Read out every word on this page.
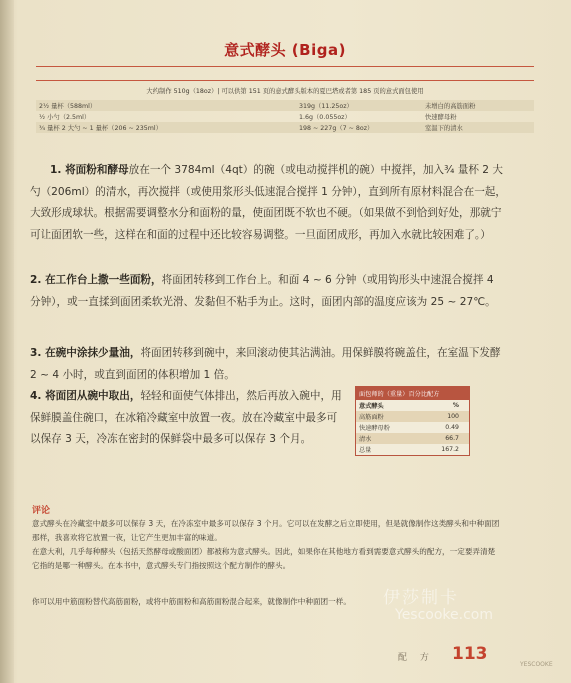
意式酵头 (Biga)
大约制作 510g（18oz）| 可以供第 151 页的意式酵头版本的夏巴塔或者第 185 页的意式面包使用
2½ 量杯（588ml）	319g（11.25oz）	未增白的高筋面粉
½ 小勺（2.5ml）	1.6g（0.055oz）	快速酵母粉
¾ 量杯 2 大勺 ~ 1 量杯（206 ~ 235ml）	198 ~ 227g（7 ~ 8oz）	室温下的清水
1. 将面粉和酵母放在一个 3784ml（4qt）的碗（或电动搅拌机的碗）中搅拌，加入¾ 量杯 2 大勺（206ml）的清水，再次搅拌（或使用浆形头低速混合搅拌 1 分钟），直到所有原材料混合在一起，大致形成球状。根据需要调整水分和面粉的量，使面团既不软也不硬。（如果做不到恰到好处，那就宁可让面团软一些，这样在和面的过程中还比较容易调整。一旦面团成形，再加入水就比较困难了。）
2. 在工作台上撒一些面粉，将面团转移到工作台上。和面 4 ~ 6 分钟（或用钩形头中速混合搅拌 4 分钟），或一直揉到面团柔软光滑、发黏但不粘手为止。这时，面团内部的温度应该为 25 ~ 27℃。
3. 在碗中涂抹少量油，将面团转移到碗中，来回滚动使其沾满油。用保鲜膜将碗盖住，在室温下发酵 2 ~ 4 小时，或直到面团的体积增加 1 倍。
4. 将面团从碗中取出，轻轻和面使气体排出，然后再放入碗中，用保鲜膜盖住碗口，在冰箱冷藏室中放置一夜。放在冷藏室中最多可以保存 3 天，冷冻在密封的保鲜袋中最多可以保存 3 个月。
面包师的（重量）百分比配方
意式酵头	%
高筋面粉	100
快速酵母粉	0.49
清水	66.7
总量	167.2
评论
意式酵头在冷藏室中最多可以保存 3 天，在冷冻室中最多可以保存 3 个月。它可以在发酵之后立即使用，但是就像制作这类酵头和中种面团那样，我喜欢将它放置一夜，让它产生更加丰富的味道。
在意大利，几乎每种酵头（包括天然酵母或酸面团）都被称为意式酵头。因此，如果你在其他地方看到需要意式酵头的配方，一定要弄清楚它指的是哪一种酵头。在本书中，意式酵头专门指按照这个配方制作的酵头。
你可以用中筋面粉替代高筋面粉，或将中筋面粉和高筋面粉混合起来，就像制作中种面团一样。	伊莎制卡
Yescooke.com
配 方 113
YESCOOKE
